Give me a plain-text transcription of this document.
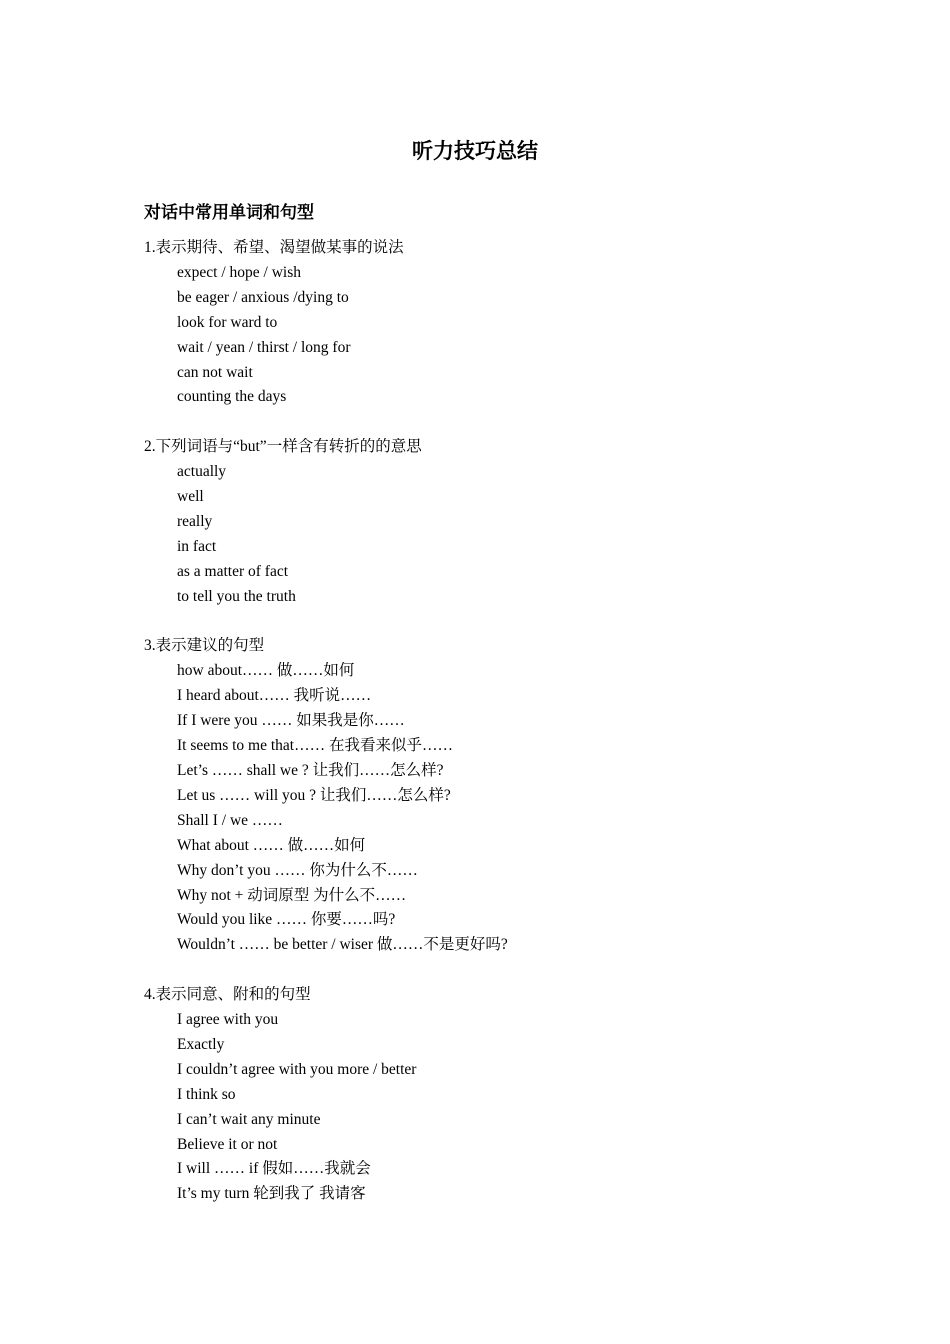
听力技巧总结
对话中常用单词和句型

1.表示期待、希望、渴望做某事的说法

expect / hope / wish
be eager / anxious /dying to
look for ward to
wait / yean / thirst / long for
can not wait
counting the days

2.下列词语与“but”一样含有转折的的意思

actually
well
really
in fact
as a matter of fact
to tell you the truth

3.表示建议的句型

how about…… 做……如何
I heard about…… 我听说……
If I were you …… 如果我是你……
It seems to me that…… 在我看来似乎……
Let’s …… shall we ? 让我们……怎么样?
Let us …… will you ? 让我们……怎么样?
Shall I / we ……
What about …… 做……如何
Why don’t you …… 你为什么不……
Why not + 动词原型 为什么不……
Would you like …… 你要……吗?
Wouldn’t …… be better / wiser 做……不是更好吗?

4.表示同意、附和的句型

I agree with you
Exactly
I couldn’t agree with you more / better
I think so
I can’t wait any minute
Believe it or not
I will …… if 假如……我就会
It’s my turn 轮到我了 我请客
